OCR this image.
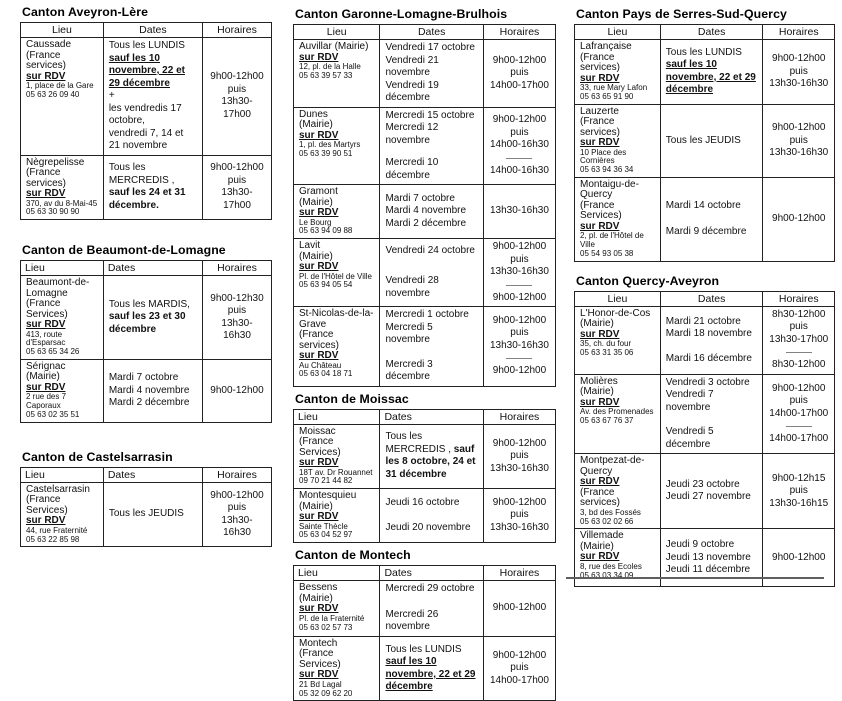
Canton Aveyron-Lère
Lieu	Dates	Horaires

Caussade
(France services)
sur RDV
1, place de la Gare
05 63 26 09 40
	Tous les LUNDIS sauf les 10 novembre, 22 et 29 décembre
+
les vendredis 17 octobre,
vendredi 7, 14 et 21 novembre	9h00-12h00 puis
13h30-17h00

Nègrepelisse
(France services)
sur RDV
370, av du 8-Mai-45
05 63 30 90 90
	Tous les MERCREDIS , sauf les 24 et 31 décembre.	9h00-12h00 puis
13h30-17h00
Canton de Beaumont-de-Lomagne
Lieu	Dates	Horaires

Beaumont-de-Lomagne
(France Services)
sur RDV
413, route d'Esparsac
05 63 65 34 26
	Tous les MARDIS, sauf les 23 et 30 décembre	9h00-12h30 puis
13h30-16h30

Sérignac
(Mairie)
sur RDV
2 rue des 7 Caporaux
05 63 02 35 51
	Mardi 7 octobre
Mardi 4 novembre
Mardi 2 décembre	9h00-12h00
Canton de Castelsarrasin
Lieu	Dates	Horaires

Castelsarrasin
(France Services)
sur RDV
44, rue Fraternité
05 63 22 85 98
	Tous les JEUDIS	9h00-12h00 puis
13h30-16h30
Canton Garonne-Lomagne-Brulhois
Lieu	Dates	Horaires

Auvillar (Mairie)
sur RDV
12, pl. de la Halle
05 63 39 57 33
	Vendredi 17 octobre
Vendredi 21 novembre
Vendredi 19 décembre	9h00-12h00 puis
14h00-17h00

Dunes
(Mairie)
sur RDV
1, pl. des Martyrs
05 63 39 90 51
	Mercredi 15 octobre
Mercredi 12 novembre
Mercredi 10 décembre	9h00-12h00 puis
14h00-16h30
14h00-16h30

Gramont
(Mairie)
sur RDV
Le Bourg
05 63 94 09 88
	Mardi 7 octobre
Mardi 4 novembre
Mardi 2 décembre	13h30-16h30

Lavit
(Mairie)
sur RDV
Pl. de l'Hôtel de Ville
05 63 94 05 54
	Vendredi 24 octobre
Vendredi 28 novembre	9h00-12h00 puis
13h30-16h30
9h00-12h00

St-Nicolas-de-la-Grave
(France services)
sur RDV
Au Château
05 63 04 18 71
	Mercredi 1 octobre
Mercredi 5 novembre
Mercredi 3 décembre	9h00-12h00 puis
13h30-16h30
9h00-12h00
Canton de Moissac
Lieu	Dates	Horaires

Moissac
(France Services)
sur RDV
18T av. Dr Rouannet
09 70 21 44 82
	Tous les MERCREDIS , sauf les 8 octobre, 24 et 31 décembre	9h00-12h00 puis
13h30-16h30

Montesquieu
(Mairie)
sur RDV
Sainte Thècle
05 63 04 52 97
	Jeudi 16 octobre
Jeudi 20 novembre	9h00-12h00 puis
13h30-16h30
Canton de Montech
Lieu	Dates	Horaires

Bessens
(Mairie)
sur RDV
Pl. de la Fraternité
05 63 02 57 73
	Mercredi 29 octobre
Mercredi 26 novembre	9h00-12h00

Montech
(France Services)
sur RDV
21 Bd Lagal
05 32 09 62 20
	Tous les LUNDIS sauf les 10 novembre, 22 et 29 décembre	9h00-12h00 puis
14h00-17h00
Canton Pays de Serres-Sud-Quercy
Lieu	Dates	Horaires

Lafrançaise
(France services)
sur RDV
33, rue Mary Lafon
05 63 65 91 90
	Tous les LUNDIS sauf les 10 novembre, 22 et 29 décembre	9h00-12h00 puis
13h30-16h30

Lauzerte
(France services)
sur RDV
10 Place des Cornières
05 63 94 36 34
	Tous les JEUDIS	9h00-12h00 puis
13h30-16h30

Montaigu-de-Quercy
(France Services)
sur RDV
2, pl. de l'Hôtel de Ville
05 54 93 05 38
	Mardi 14 octobre
Mardi 9 décembre	9h00-12h00
Canton Quercy-Aveyron
Lieu	Dates	Horaires

L'Honor-de-Cos
(Mairie)
sur RDV
35, ch. du four
05 63 31 35 06
	Mardi 21 octobre
Mardi 18 novembre
Mardi 16 décembre	8h30-12h00 puis
13h30-17h00
8h30-12h00

Molières
(Mairie)
sur RDV
Av. des Promenades
05 63 67 76 37
	Vendredi 3 octobre
Vendredi 7 novembre
Vendredi 5 décembre	9h00-12h00 puis
14h00-17h00
14h00-17h00

Montpezat-de-Quercy
sur RDV
(France services)
3, bd des Fossés
05 63 02 02 66
	Jeudi 23 octobre
Jeudi 27 novembre	9h00-12h15 puis
13h30-16h15

Villemade
(Mairie)
sur RDV
8, rue des Ecoles
05 63 03 34 09
	Jeudi 9 octobre
Jeudi 13 novembre
Jeudi 11 décembre	9h00-12h00
